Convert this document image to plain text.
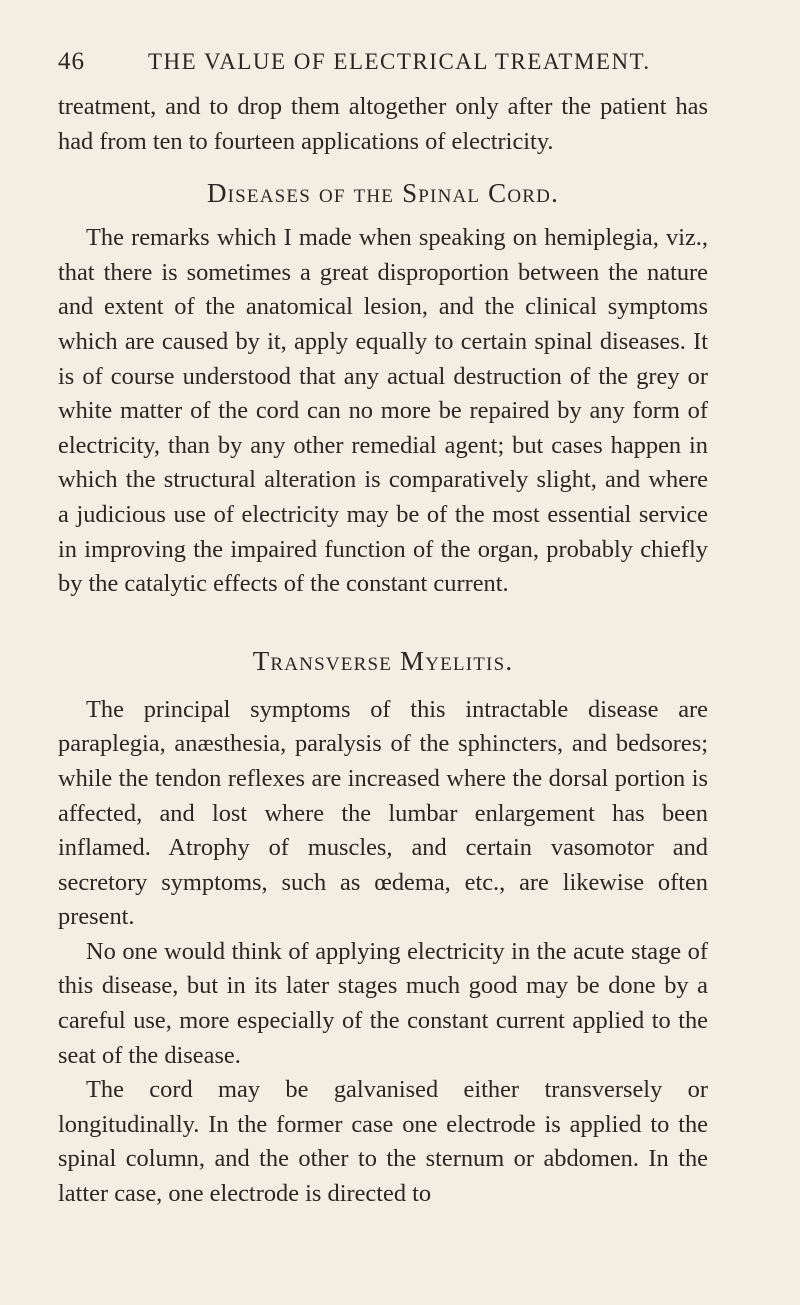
46	THE VALUE OF ELECTRICAL TREATMENT.

treatment, and to drop them altogether only after the patient has had from ten to fourteen applications of electricity.

Diseases of the Spinal Cord.

The remarks which I made when speaking on hemiplegia, viz., that there is sometimes a great disproportion between the nature and extent of the anatomical lesion, and the clinical symptoms which are caused by it, apply equally to certain spinal diseases. It is of course understood that any actual destruction of the grey or white matter of the cord can no more be repaired by any form of electricity, than by any other remedial agent; but cases happen in which the structural alteration is comparatively slight, and where a judicious use of electricity may be of the most essential service in improving the impaired function of the organ, probably chiefly by the catalytic effects of the constant current.

Transverse Myelitis.

The principal symptoms of this intractable disease are paraplegia, anæsthesia, paralysis of the sphincters, and bedsores; while the tendon reflexes are increased where the dorsal portion is affected, and lost where the lumbar enlargement has been inflamed. Atrophy of muscles, and certain vasomotor and secretory symptoms, such as œdema, etc., are likewise often present.

No one would think of applying electricity in the acute stage of this disease, but in its later stages much good may be done by a careful use, more especially of the constant current applied to the seat of the disease.

The cord may be galvanised either transversely or longitudinally. In the former case one electrode is applied to the spinal column, and the other to the sternum or abdomen. In the latter case, one electrode is directed to
